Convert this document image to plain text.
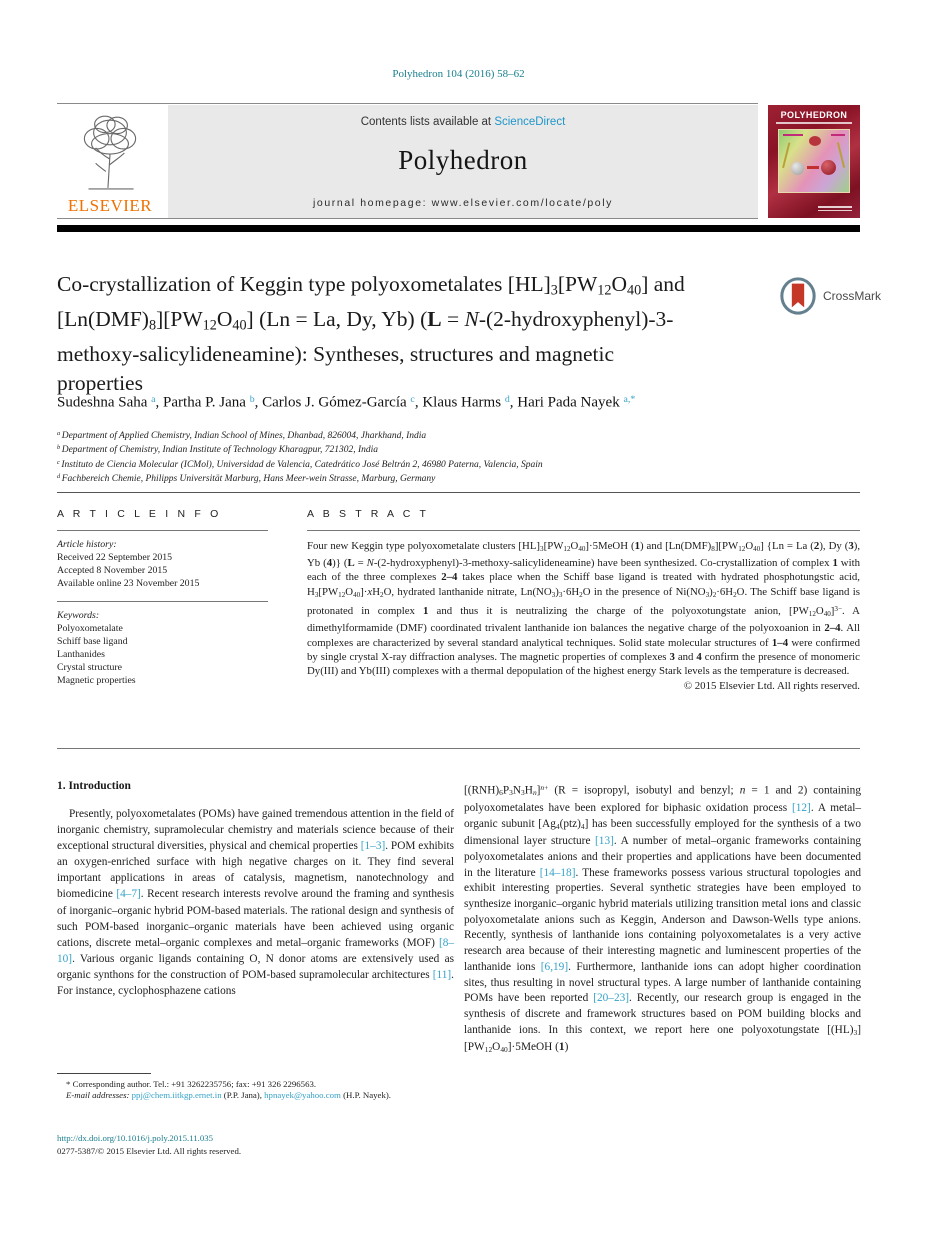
Polyhedron 104 (2016) 58–62
ELSEVIER
Contents lists available at ScienceDirect
Polyhedron
journal homepage: www.elsevier.com/locate/poly
POLYHEDRON
Co-crystallization of Keggin type polyoxometalates $[HL]_3[PW_{12}O_{40}]$ and
$[Ln(DMF)_8][PW_{12}O_{40}] (Ln = La$, Dy, Yb) (L = N-(2-hydroxyphenyl)-3-
methoxy-salicylideneamine): Syntheses, structures and magnetic
properties
CrossMark
Sudeshna Saha $^a$, Partha P. Jana $^b$, Carlos J. Gómez-García $^c$, Klaus Harms $^d$, Hari Pada Nayek $^{a,*}$
$^a$ Department of Applied Chemistry, Indian School of Mines, Dhanbad, 826004, Jharkhand, India
$^b$ Department of Chemistry, Indian Institute of Technology Kharagpur, 721302, India
$^c$ Instituto de Ciencia Molecular (ICMol), Universidad de Valencia, Catedrático José Beltrán 2, 46980 Paterna, Valencia, Spain
$^d$ Fachbereich Chemie, Philipps Universität Marburg, Hans Meer-wein Strasse, Marburg, Germany
A R T I C L E I N F O
Article history:
Received 22 September 2015
Accepted 8 November 2015
Available online 23 November 2015
Keywords:
Polyoxometalate
Schiff base ligand
Lanthanides
Crystal structure
Magnetic properties
A B S T R A C T
Four new Keggin type polyoxometalate clusters $[HL]_3[PW_{12}O_{40}]\cdot 5MeOH$ (1) and $[Ln(DMF)_8][PW_{12}O_{40}] \{Ln = La$ (2), Dy (3), Yb (4)} (L = N-(2-hydroxyphenyl)-3-methoxy-salicylideneamine) have been synthesized. Co-crystallization of complex 1 with each of the three complexes 2–4 takes place when the Schiff base ligand is treated with hydrated phosphotungstic acid, $H_3[PW_{12}O_{40}]\cdot xH_2O$, hydrated lanthanide nitrate, $Ln(NO_3)_3\cdot 6H_2O$ in the presence of $Ni(NO_3)_2\cdot 6H_2O$. The Schiff base ligand is protonated in complex 1 and thus it is neutralizing the charge of the polyoxotungstate anion, $[PW_{12}O_{40}]^{3-}$. A dimethylformamide (DMF) coordinated trivalent lanthanide ion balances the negative charge of the polyoxoanion in 2–4. All complexes are characterized by several standard analytical techniques. Solid state molecular structures of 1–4 were confirmed by single crystal X-ray diffraction analyses. The magnetic properties of complexes 3 and 4 confirm the presence of monomeric Dy(III) and Yb(III) complexes with a thermal depopulation of the highest energy Stark levels as the temperature is decreased.
© 2015 Elsevier Ltd. All rights reserved.
1. Introduction
Presently, polyoxometalates (POMs) have gained tremendous attention in the field of inorganic chemistry, supramolecular chemistry and materials science because of their exceptional structural diversities, physical and chemical properties [1–3]. POM exhibits an oxygen-enriched surface with high negative charges on it. They find several important applications in areas of catalysis, magnetism, nanotechnology and biomedicine [4–7]. Recent research interests revolve around the framing and synthesis of inorganic–organic hybrid POM-based materials. The rational design and synthesis of such POM-based inorganic–organic materials have been achieved using organic cations, discrete metal–organic complexes and metal–organic frameworks (MOF) [8–10]. Various organic ligands containing O, N donor atoms are extensively used as organic synthons for the construction of POM-based supramolecular architectures [11]. For instance, cyclophosphazene cations
$[(RNH)_6P_3N_3H_n]^{n+}$ (R = isopropyl, isobutyl and benzyl; n = 1 and 2) containing polyoxometalates have been explored for biphasic oxidation process [12]. A metal–organic subunit $[Ag_4(ptz)_4]$ has been successfully employed for the synthesis of a two dimensional layer structure [13]. A number of metal–organic frameworks containing polyoxometalates anions and their properties and applications have been documented in the literature [14–18]. These frameworks possess various structural topologies and exhibit interesting properties. Several synthetic strategies have been employed to synthesize inorganic–organic hybrid materials utilizing transition metal ions and classic polyoxometalate anions such as Keggin, Anderson and Dawson-Wells type anions. Recently, synthesis of lanthanide ions containing polyoxometalates is a very active research area because of their interesting magnetic and luminescent properties of the lanthanide ions [6,19]. Furthermore, lanthanide ions can adopt higher coordination sites, thus resulting in novel structural types. A large number of lanthanide containing POMs have been reported [20–23]. Recently, our research group is engaged in the synthesis of discrete and framework structures based on POM building blocks and lanthanide ions. In this context, we report here one polyoxotungstate $[(HL)_3][PW_{12}O_{40}]\cdot 5MeOH$ (1)
* Corresponding author. Tel.: +91 3262235756; fax: +91 326 2296563.
E-mail addresses: ppj@chem.iitkgp.ernet.in (P.P. Jana), hpnayek@yahoo.com (H.P. Nayek).
http://dx.doi.org/10.1016/j.poly.2015.11.035
0277-5387/© 2015 Elsevier Ltd. All rights reserved.
